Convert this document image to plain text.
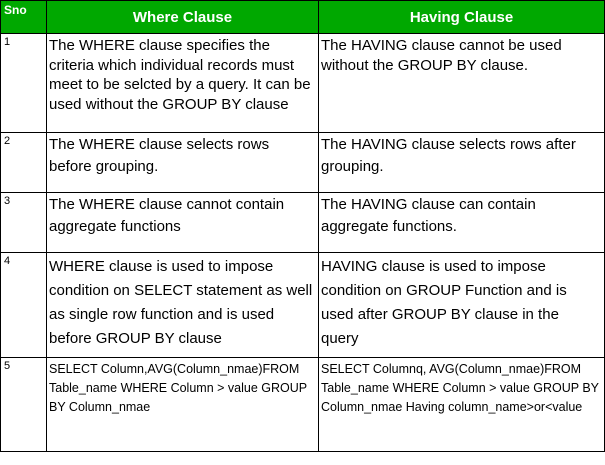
Sno	Where Clause	Having Clause
1	The WHERE clause specifies the criteria which individual records must meet to be selcted by a query. It can be used without the GROUP BY clause	The HAVING clause cannot be used without the GROUP BY clause.

2	The WHERE clause selects rows before grouping.	The HAVING clause selects rows after grouping.

3	The WHERE clause cannot contain aggregate functions	The HAVING clause can contain aggregate functions.

4	WHERE clause is used to impose condition on SELECT statement as well as single row function and is used before GROUP BY clause	HAVING clause is used to impose condition on GROUP Function and is used after GROUP BY clause in the query

5	SELECT Column,AVG(Column_nmae)FROM Table_name WHERE Column > value GROUP BY Column_nmae	SELECT Columnq, AVG(Column_nmae)FROM Table_name WHERE Column > value GROUP BY Column_nmae Having column_name>or<value
